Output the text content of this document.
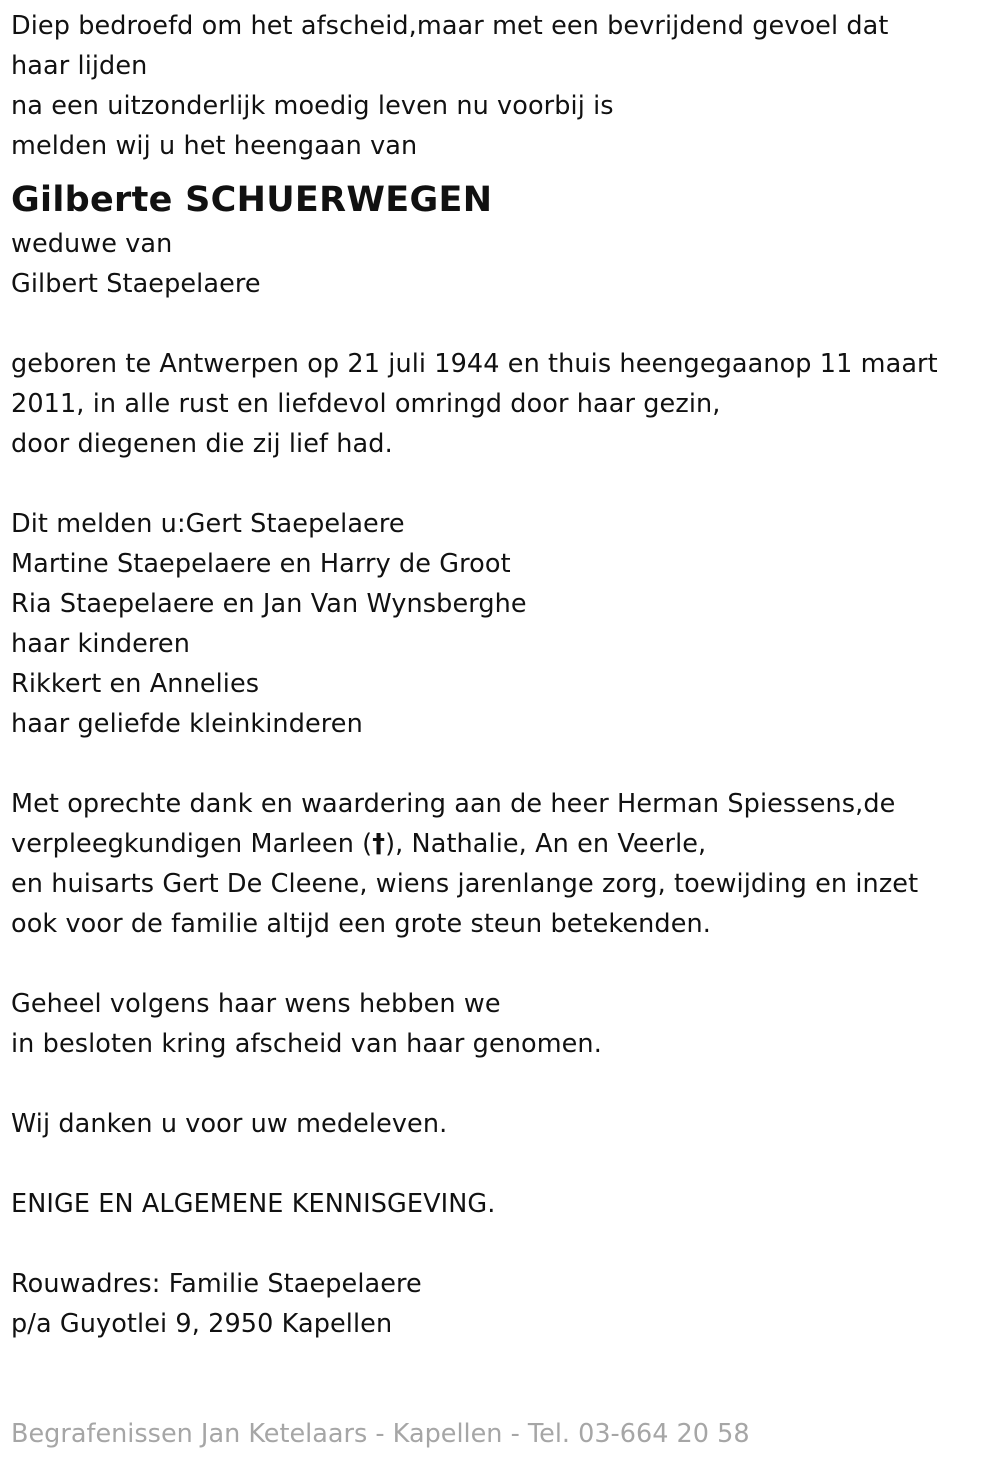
Diep bedroefd om het afscheid,maar met een bevrijdend gevoel dat
haar lijden
na een uitzonderlijk moedig leven nu voorbij is
melden wij u het heengaan van
Gilberte SCHUERWEGEN
weduwe van
Gilbert Staepelaere
geboren te Antwerpen op 21 juli 1944 en thuis heengegaanop 11 maart
2011, in alle rust en liefdevol omringd door haar gezin,
door diegenen die zij lief had.
Dit melden u:Gert Staepelaere
Martine Staepelaere en Harry de Groot
Ria Staepelaere en Jan Van Wynsberghe
haar kinderen
Rikkert en Annelies
haar geliefde kleinkinderen
Met oprechte dank en waardering aan de heer Herman Spiessens,de
verpleegkundigen Marleen (†), Nathalie, An en Veerle,
en huisarts Gert De Cleene, wiens jarenlange zorg, toewijding en inzet
ook voor de familie altijd een grote steun betekenden.
Geheel volgens haar wens hebben we
in besloten kring afscheid van haar genomen.
Wij danken u voor uw medeleven.
ENIGE EN ALGEMENE KENNISGEVING.
Rouwadres: Familie Staepelaere
p/a Guyotlei 9, 2950 Kapellen
Begrafenissen Jan Ketelaars - Kapellen - Tel. 03-664 20 58
